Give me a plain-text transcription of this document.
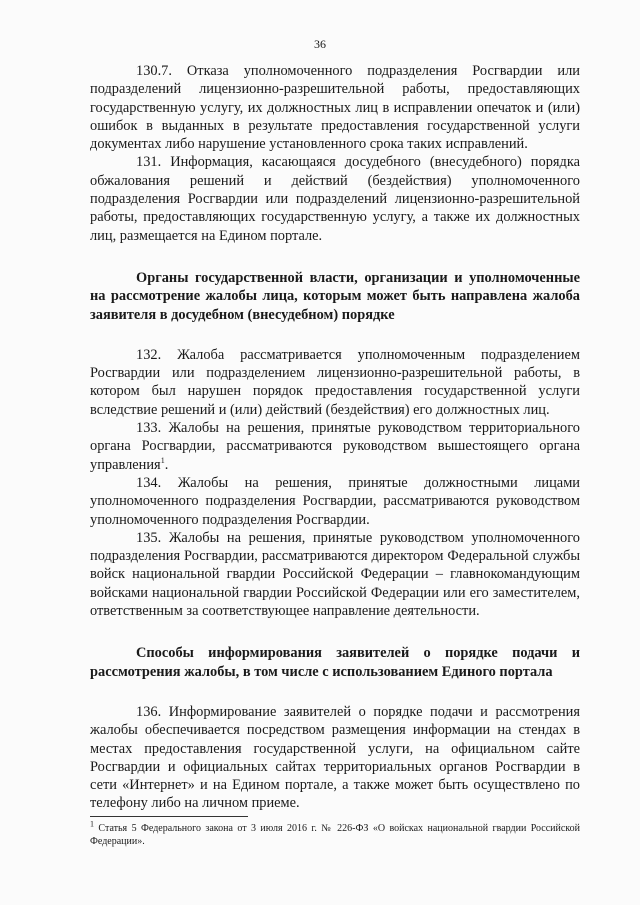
36

130.7. Отказа уполномоченного подразделения Росгвардии или подразделений лицензионно-разрешительной работы, предоставляющих государственную услугу, их должностных лиц в исправлении опечаток и (или) ошибок в выданных в результате предоставления государственной услуги документах либо нарушение установленного срока таких исправлений.

131. Информация, касающаяся досудебного (внесудебного) порядка обжалования решений и действий (бездействия) уполномоченного подразделения Росгвардии или подразделений лицензионно-разрешительной работы, предоставляющих государственную услугу, а также их должностных лиц, размещается на Едином портале.

Органы государственной власти, организации и уполномоченные на рассмотрение жалобы лица, которым может быть направлена жалоба заявителя в досудебном (внесудебном) порядке

132. Жалоба рассматривается уполномоченным подразделением Росгвардии или подразделением лицензионно-разрешительной работы, в котором был нарушен порядок предоставления государственной услуги вследствие решений и (или) действий (бездействия) его должностных лиц.

133. Жалобы на решения, принятые руководством территориального органа Росгвардии, рассматриваются руководством вышестоящего органа управления$^1$.

134. Жалобы на решения, принятые должностными лицами уполномоченного подразделения Росгвардии, рассматриваются руководством уполномоченного подразделения Росгвардии.

135. Жалобы на решения, принятые руководством уполномоченного подразделения Росгвардии, рассматриваются директором Федеральной службы войск национальной гвардии Российской Федерации – главнокомандующим войсками национальной гвардии Российской Федерации или его заместителем, ответственным за соответствующее направление деятельности.

Способы информирования заявителей о порядке подачи и рассмотрения жалобы, в том числе с использованием Единого портала

136. Информирование заявителей о порядке подачи и рассмотрения жалобы обеспечивается посредством размещения информации на стендах в местах предоставления государственной услуги, на официальном сайте Росгвардии и официальных сайтах территориальных органов Росгвардии в сети «Интернет» и на Едином портале, а также может быть осуществлено по телефону либо на личном приеме.

$^1$ Статья 5 Федерального закона от 3 июля 2016 г. № 226-ФЗ «О войсках национальной гвардии Российской Федерации».
